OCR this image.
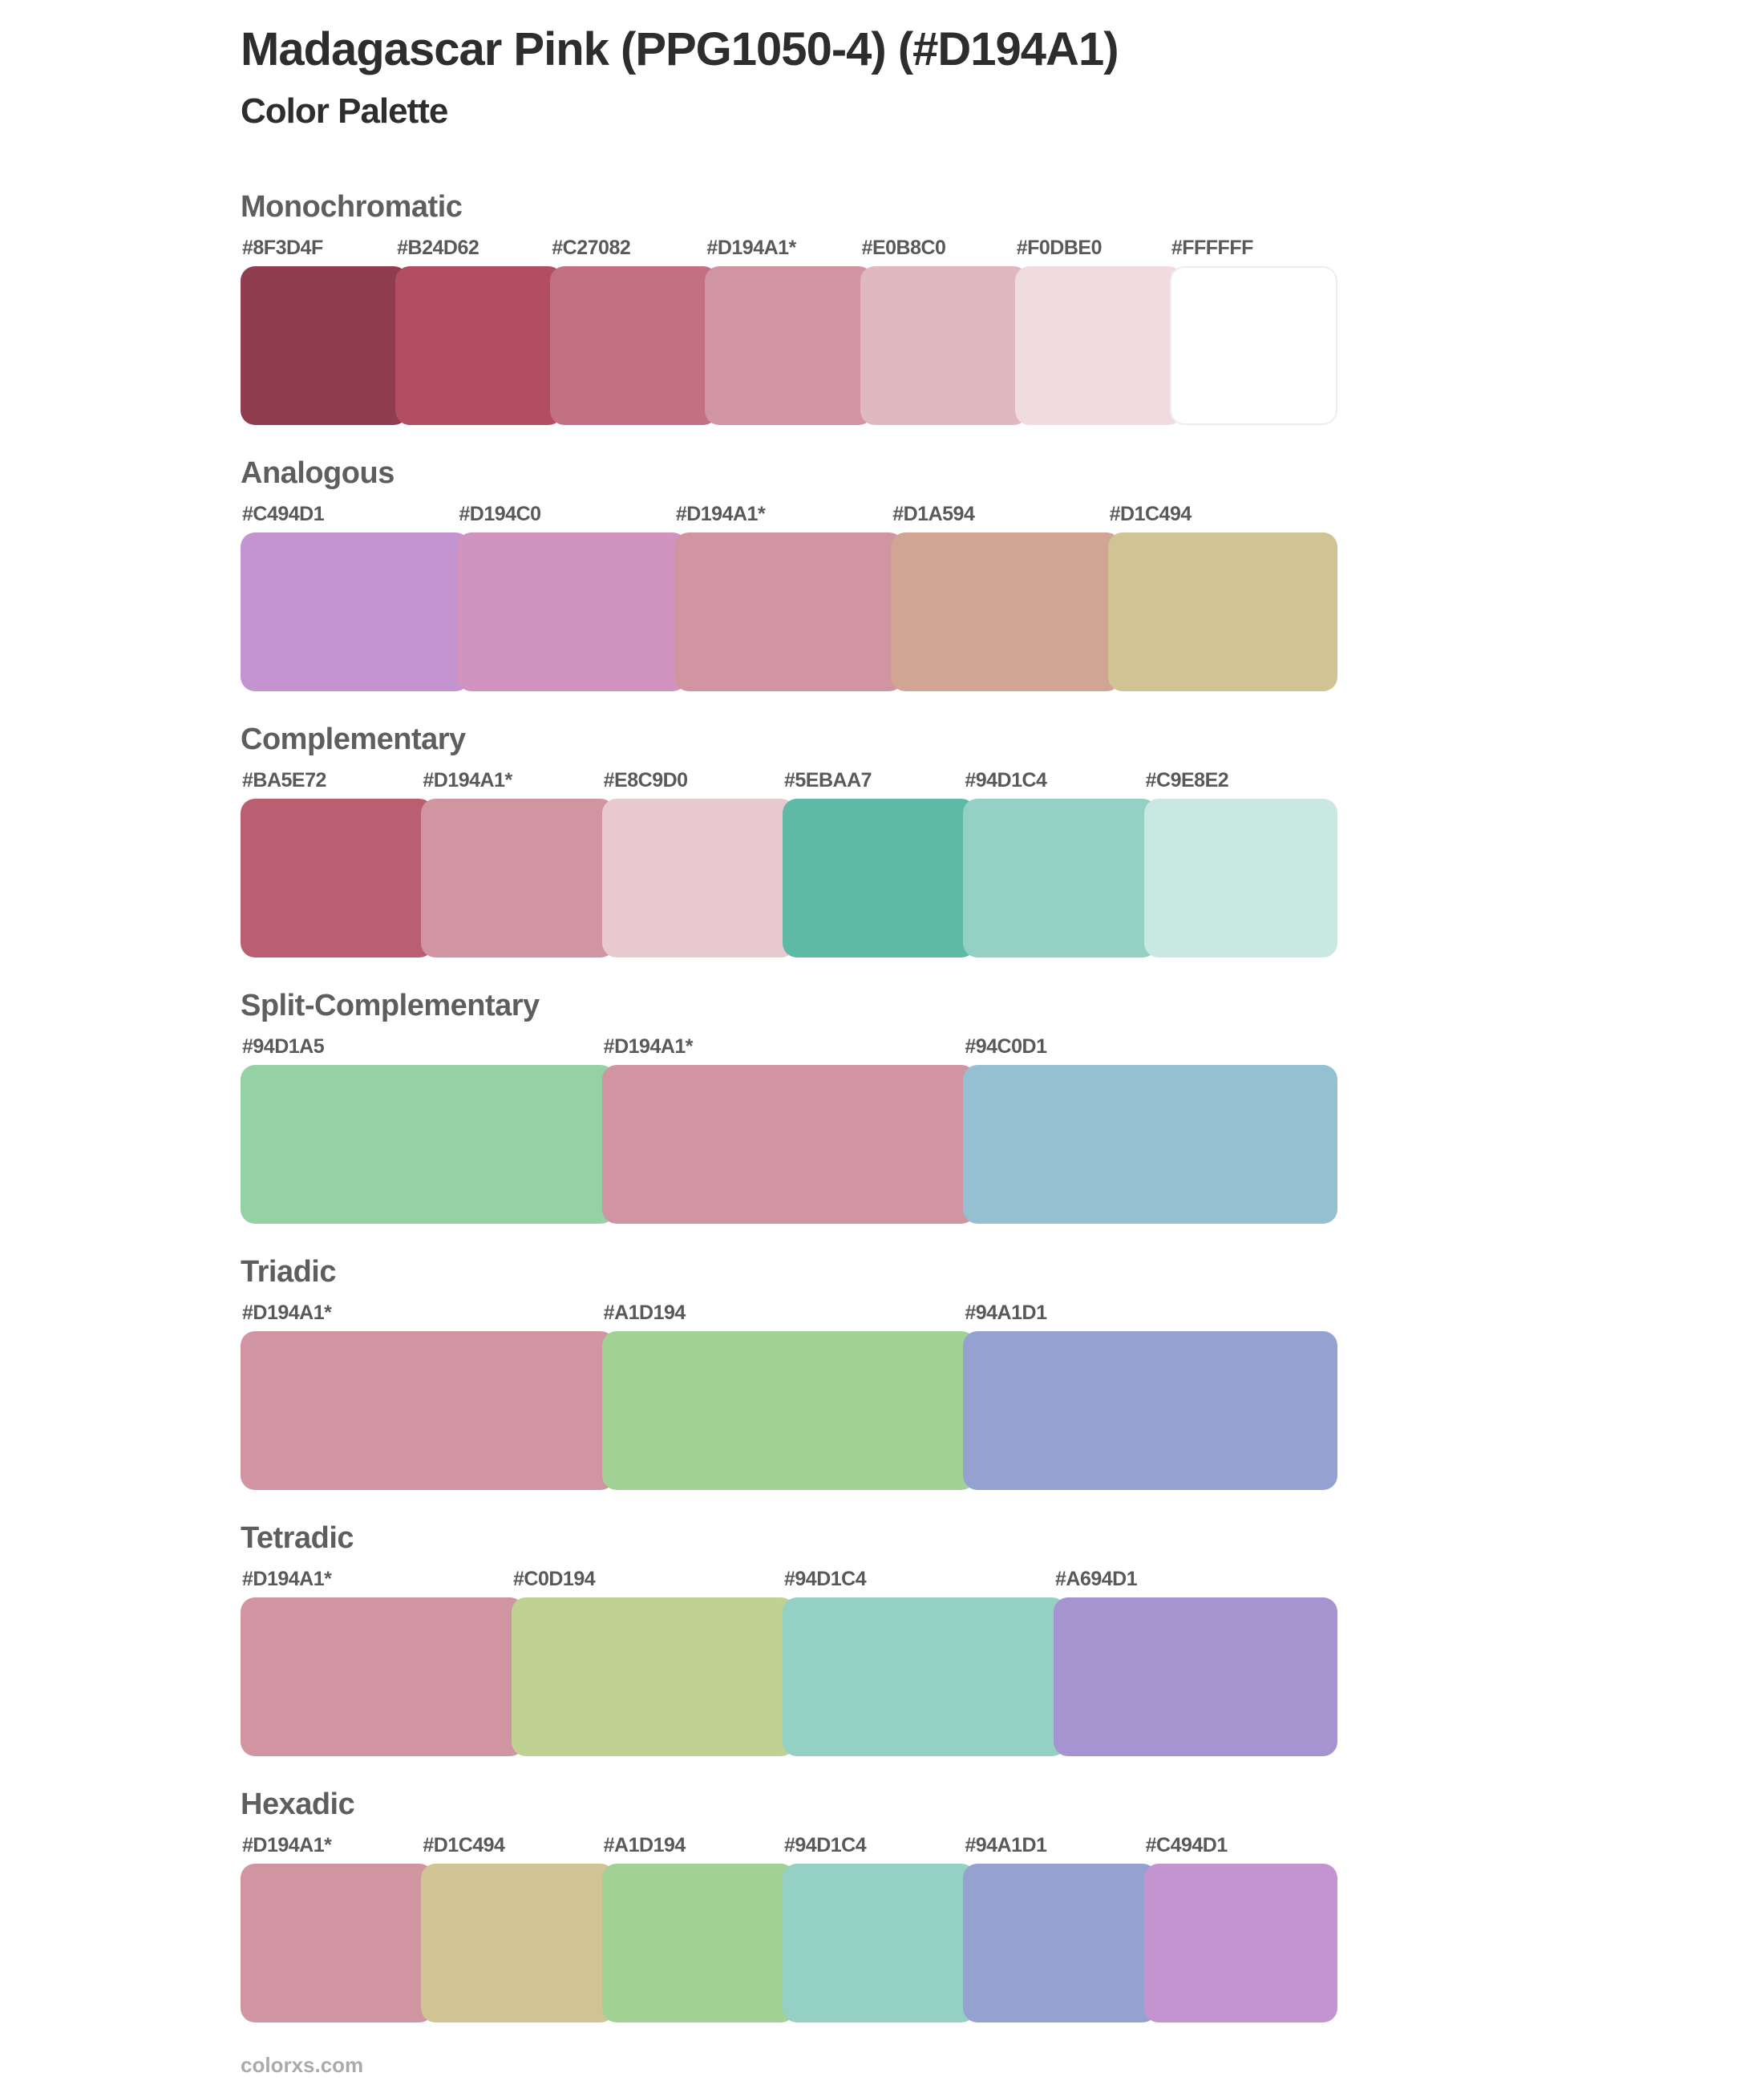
Madagascar Pink (PPG1050-4) (#D194A1)
Color Palette
Monochromatic
#8F3D4F	#B24D62	#C27082	#D194A1*	#E0B8C0	#F0DBE0	#FFFFFF
Analogous
#C494D1	#D194C0	#D194A1*	#D1A594	#D1C494
Complementary
#BA5E72	#D194A1*	#E8C9D0	#5EBAA7	#94D1C4	#C9E8E2
Split-Complementary
#94D1A5	#D194A1*	#94C0D1
Triadic
#D194A1*	#A1D194	#94A1D1
Tetradic
#D194A1*	#C0D194	#94D1C4	#A694D1
Hexadic
#D194A1*	#D1C494	#A1D194	#94D1C4	#94A1D1	#C494D1
colorxs.com
